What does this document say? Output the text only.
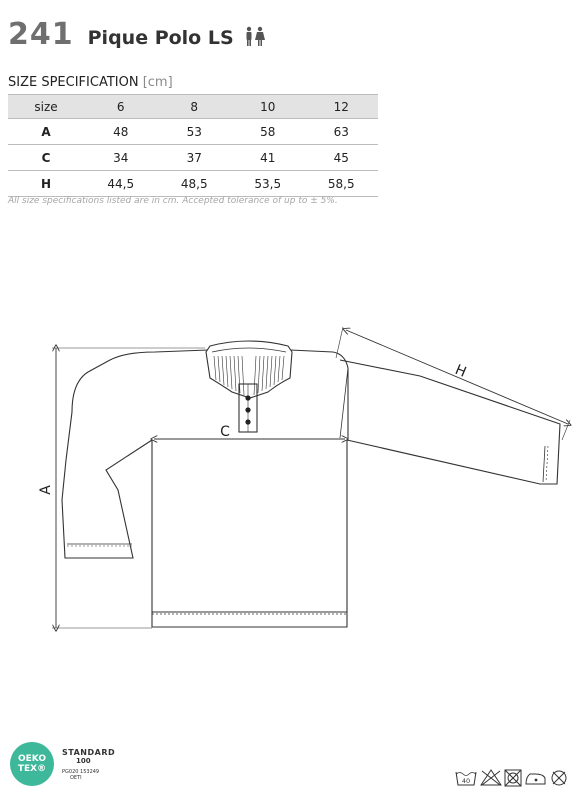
241 Pique Polo LS
SIZE SPECIFICATION [cm]
size	6	8	10	12
A	48	53	58	63
C	34	37	41	45
H	44,5	48,5	53,5	58,5
All size specifications listed are in cm. Accepted tolerance of up to ± 5%.
A
C
H
OEKO
TEX®
STANDARD
100
PG020 153249
OETI	40
